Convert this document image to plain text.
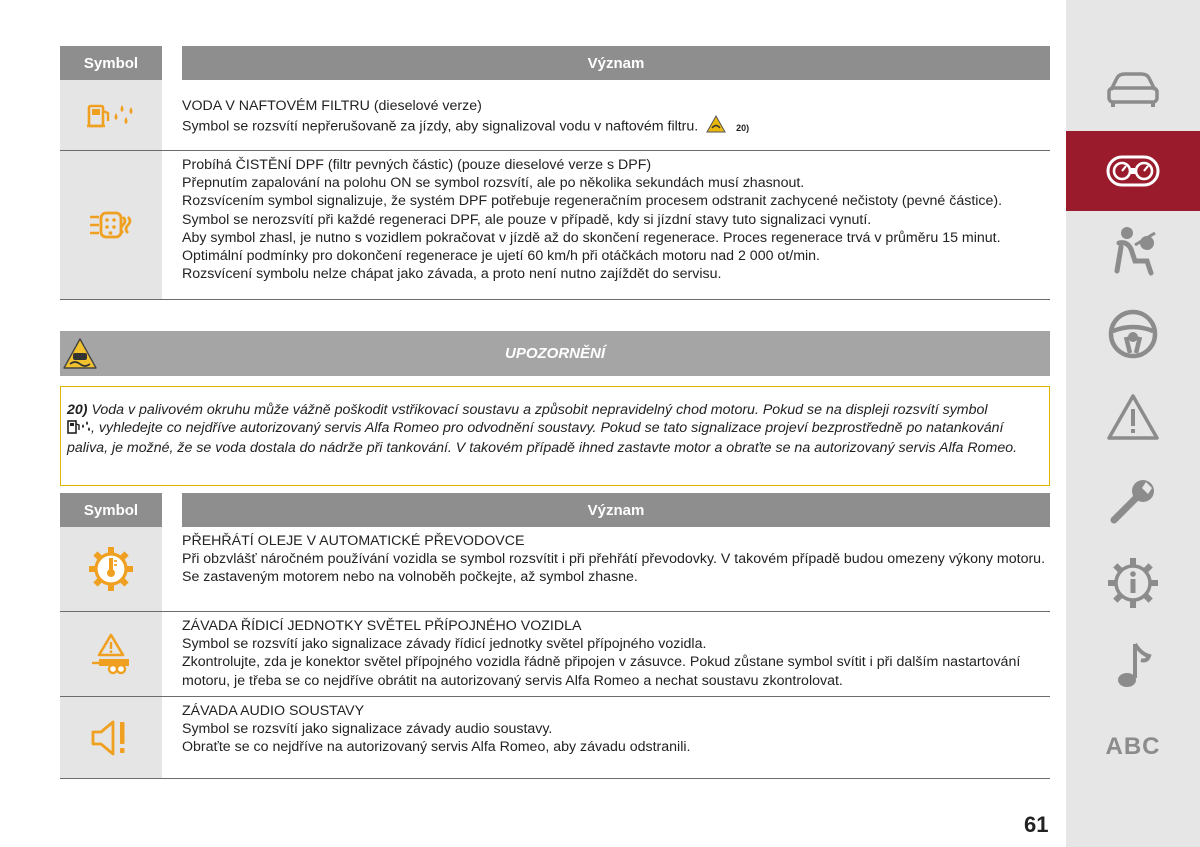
Symbol	Význam

VODA V NAFTOVÉM FILTRU (dieselové verze)

Symbol se rozsvítí nepřerušovaně za jízdy, aby signalizoval vodu v naftovém filtru.	20)

Probíhá ČISTĚNÍ DPF (filtr pevných částic) (pouze dieselové verze s DPF)

Přepnutím zapalování na polohu ON se symbol rozsvítí, ale po několika sekundách musí zhasnout.

Rozsvícením symbol signalizuje, že systém DPF potřebuje regeneračním procesem odstranit zachycené nečistoty (pevné částice).

Symbol se nerozsvítí při každé regeneraci DPF, ale pouze v případě, kdy si jízdní stavy tuto signalizaci vynutí.

Aby symbol zhasl, je nutno s vozidlem pokračovat v jízdě až do skončení regenerace. Proces regenerace trvá v průměru 15 minut.

Optimální podmínky pro dokončení regenerace je ujetí 60 km/h při otáčkách motoru nad 2 000 ot/min.

Rozsvícení symbolu nelze chápat jako závada, a proto není nutno zajíždět do servisu.

UPOZORNĚNÍ
20) Voda v palivovém okruhu může vážně poškodit vstřikovací soustavu a způsobit nepravidelný chod motoru. Pokud se na displeji rozsvítí symbol
, vyhledejte co nejdříve autorizovaný servis Alfa Romeo pro odvodnění soustavy. Pokud se tato signalizace projeví bezprostředně po natankování paliva, je možné, že se voda dostala do nádrže při tankování. V takovém případě ihned zastavte motor a obraťte se na autorizovaný servis Alfa Romeo.
Symbol	Význam

PŘEHŘÁTÍ OLEJE V AUTOMATICKÉ PŘEVODOVCE

Při obzvlášť náročném používání vozidla se symbol rozsvítit i při přehřátí převodovky. V takovém případě budou omezeny výkony motoru.

Se zastaveným motorem nebo na volnoběh počkejte, až symbol zhasne.

ZÁVADA ŘÍDICÍ JEDNOTKY SVĚTEL PŘÍPOJNÉHO VOZIDLA

Symbol se rozsvítí jako signalizace závady řídicí jednotky světel přípojného vozidla.

Zkontrolujte, zda je konektor světel přípojného vozidla řádně připojen v zásuvce. Pokud zůstane symbol svítit i při dalším nastartování motoru, je třeba se co nejdříve obrátit na autorizovaný servis Alfa Romeo a nechat soustavu zkontrolovat.

ZÁVADA AUDIO SOUSTAVY

Symbol se rozsvítí jako signalizace závady audio soustavy.

Obraťte se co nejdříve na autorizovaný servis Alfa Romeo, aby závadu odstranili.	ABC
61
